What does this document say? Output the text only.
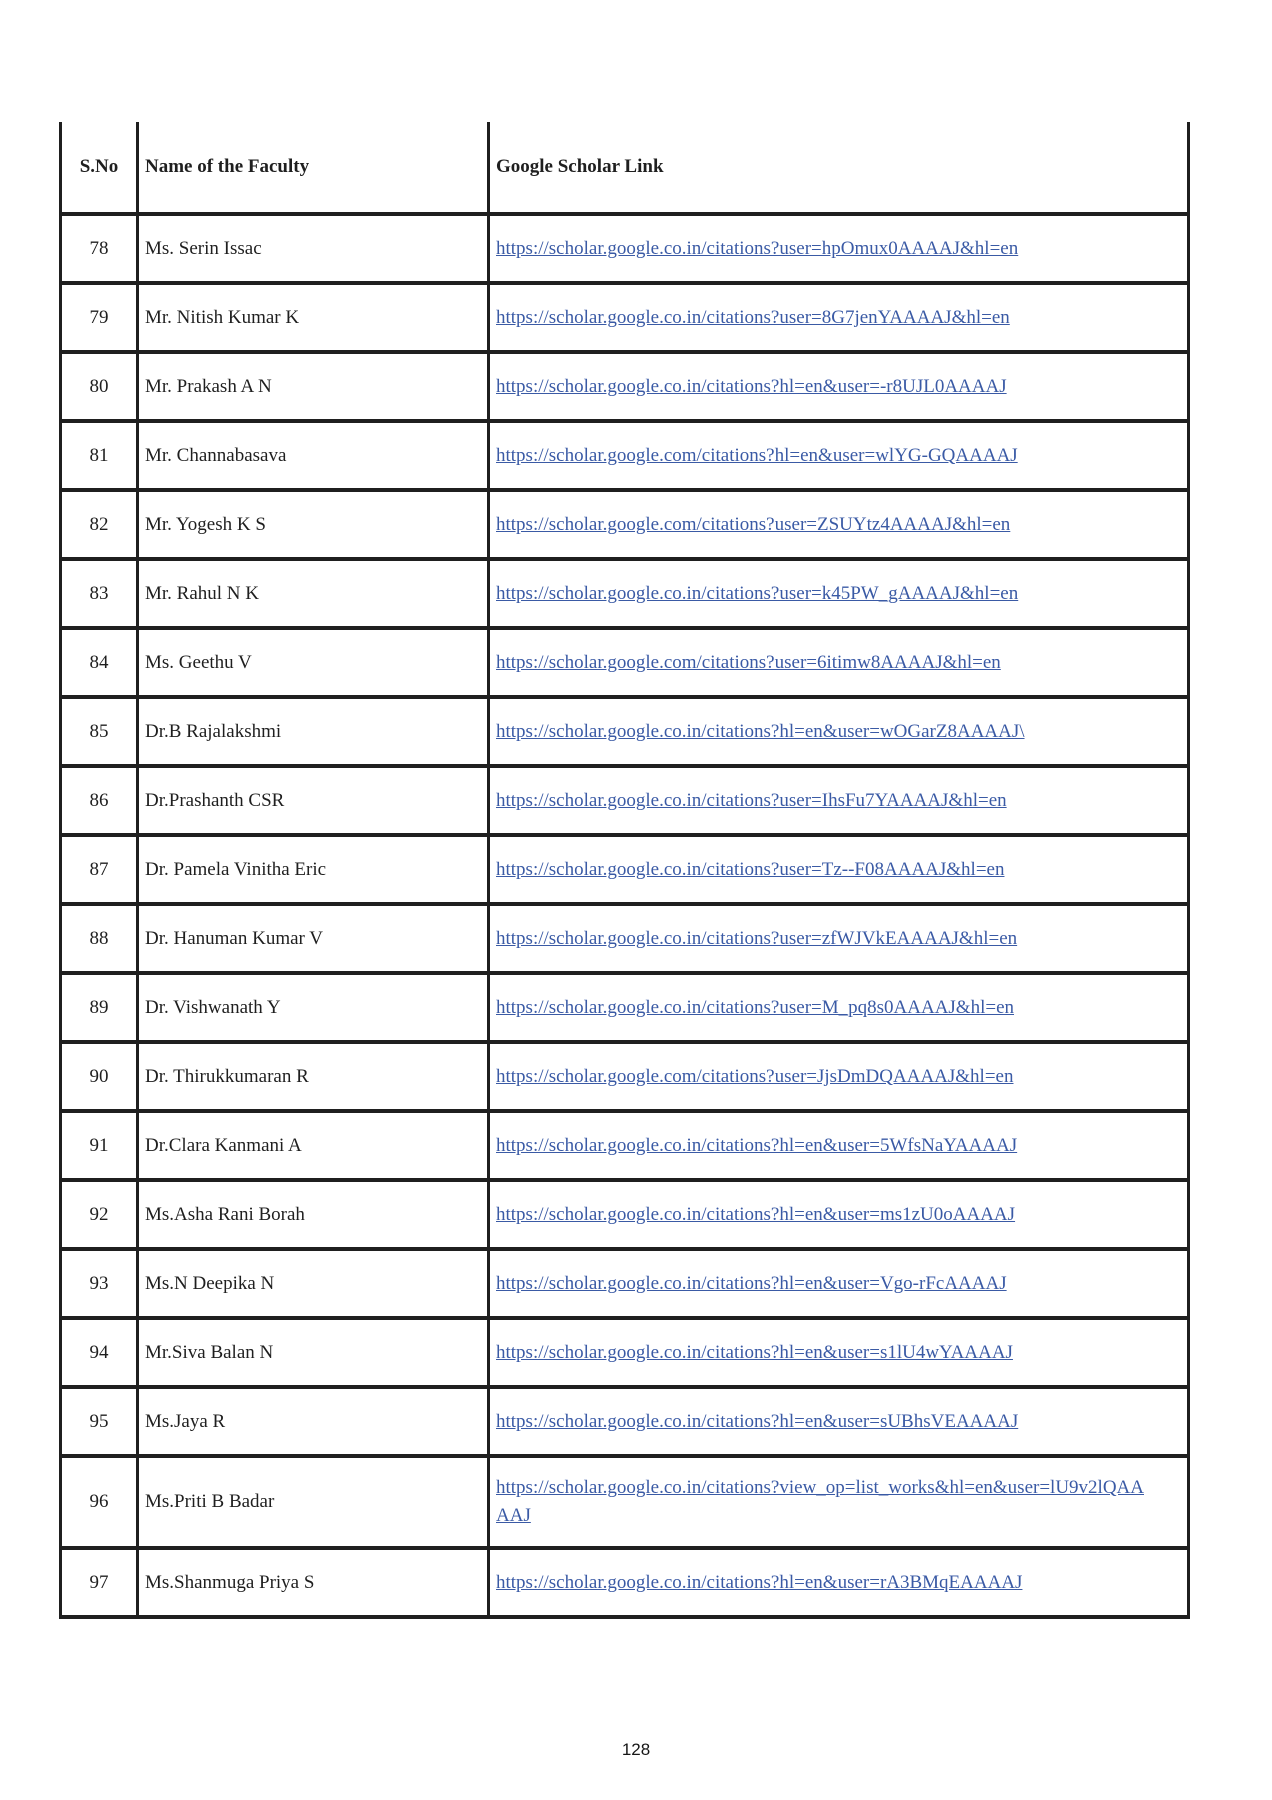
S.No	Name of the Faculty	Google Scholar Link
78	Ms. Serin Issac	https://scholar.google.co.in/citations?user=hpOmux0AAAAJ&hl=en
79	Mr. Nitish Kumar K	https://scholar.google.co.in/citations?user=8G7jenYAAAAJ&hl=en
80	Mr. Prakash A N	https://scholar.google.co.in/citations?hl=en&user=-r8UJL0AAAAJ
81	Mr. Channabasava	https://scholar.google.com/citations?hl=en&user=wlYG-GQAAAAJ
82	Mr. Yogesh K S	https://scholar.google.com/citations?user=ZSUYtz4AAAAJ&hl=en
83	Mr. Rahul N K	https://scholar.google.co.in/citations?user=k45PW_gAAAAJ&hl=en
84	Ms. Geethu V	https://scholar.google.com/citations?user=6itimw8AAAAJ&hl=en
85	Dr.B Rajalakshmi	https://scholar.google.co.in/citations?hl=en&user=wOGarZ8AAAAJ\
86	Dr.Prashanth CSR	https://scholar.google.co.in/citations?user=IhsFu7YAAAAJ&hl=en
87	Dr. Pamela Vinitha Eric	https://scholar.google.co.in/citations?user=Tz--F08AAAAJ&hl=en
88	Dr. Hanuman Kumar V	https://scholar.google.co.in/citations?user=zfWJVkEAAAAJ&hl=en
89	Dr. Vishwanath Y	https://scholar.google.co.in/citations?user=M_pq8s0AAAAJ&hl=en
90	Dr. Thirukkumaran R	https://scholar.google.com/citations?user=JjsDmDQAAAAJ&hl=en
91	Dr.Clara Kanmani A	https://scholar.google.co.in/citations?hl=en&user=5WfsNaYAAAAJ
92	Ms.Asha Rani Borah	https://scholar.google.co.in/citations?hl=en&user=ms1zU0oAAAAJ
93	Ms.N Deepika N	https://scholar.google.co.in/citations?hl=en&user=Vgo-rFcAAAAJ
94	Mr.Siva Balan N	https://scholar.google.co.in/citations?hl=en&user=s1lU4wYAAAAJ
95	Ms.Jaya R	https://scholar.google.co.in/citations?hl=en&user=sUBhsVEAAAAJ
96	Ms.Priti B Badar	https://scholar.google.co.in/citations?view_op=list_works&hl=en&user=lU9v2lQAAAAJ
97	Ms.Shanmuga Priya S	https://scholar.google.co.in/citations?hl=en&user=rA3BMqEAAAAJ
128
